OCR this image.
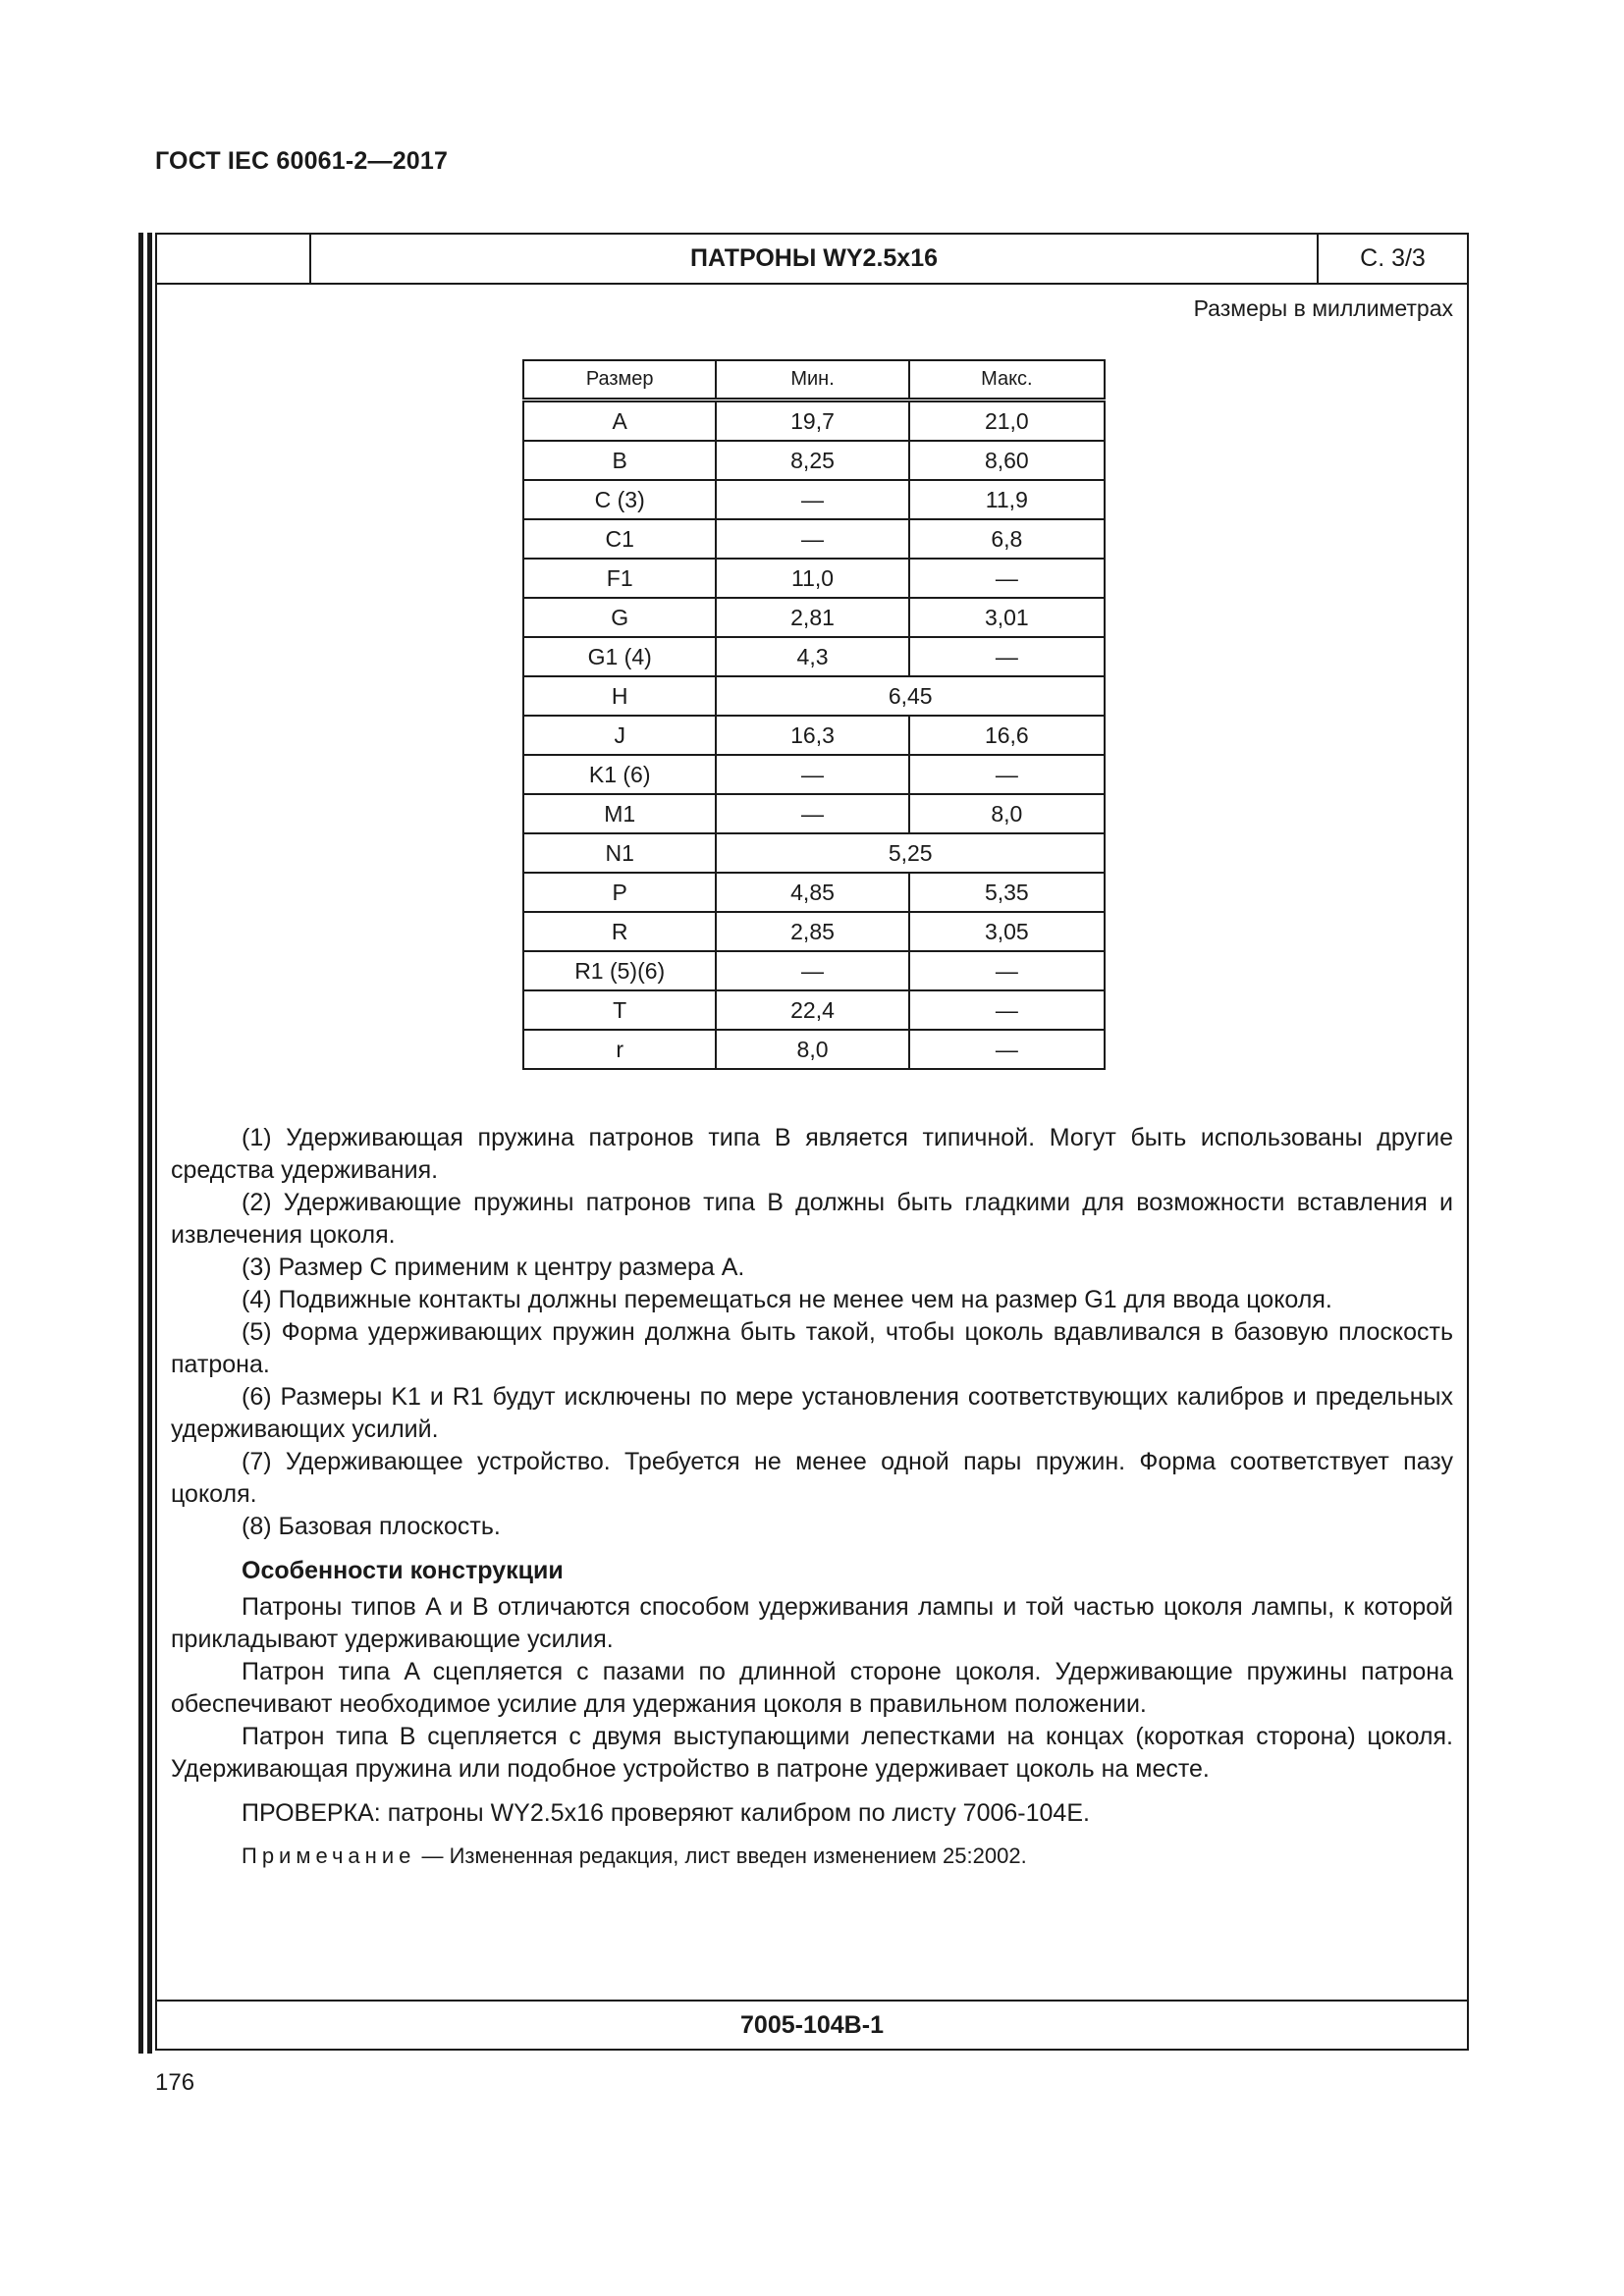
ГОСТ IEC 60061-2—2017
ПАТРОНЫ WY2.5x16	С. 3/3
Размеры в миллиметрах
Размер	Мин.	Макс.
A	19,7	21,0
B	8,25	8,60
C (3)	—	11,9
C1	—	6,8
F1	11,0	—
G	2,81	3,01
G1 (4)	4,3	—
H	6,45	
J	16,3	16,6
K1 (6)	—	—
M1	—	8,0
N1	5,25	
P	4,85	5,35
R	2,85	3,05
R1 (5)(6)	—	—
T	22,4	—
r	8,0	—

(1) Удерживающая пружина патронов типа B является типичной. Могут быть использованы другие средства удерживания.

(2) Удерживающие пружины патронов типа B должны быть гладкими для возможности вставления и извлечения цоколя.

(3) Размер C применим к центру размера A.

(4) Подвижные контакты должны перемещаться не менее чем на размер G1 для ввода цоколя.

(5) Форма удерживающих пружин должна быть такой, чтобы цоколь вдавливался в базовую плоскость патрона.

(6) Размеры K1 и R1 будут исключены по мере установления соответствующих калибров и предельных удерживающих усилий.

(7) Удерживающее устройство. Требуется не менее одной пары пружин. Форма соответствует пазу цоколя.

(8) Базовая плоскость.

Особенности конструкции

Патроны типов A и B отличаются способом удерживания лампы и той частью цоколя лампы, к которой прикладывают удерживающие усилия.

Патрон типа A сцепляется с пазами по длинной стороне цоколя. Удерживающие пружины патрона обеспечивают необходимое усилие для удержания цоколя в правильном положении.

Патрон типа B сцепляется с двумя выступающими лепестками на концах (короткая сторона) цоколя. Удерживающая пружина или подобное устройство в патроне удерживает цоколь на месте.

ПРОВЕРКА: патроны WY2.5x16 проверяют калибром по листу 7006-104E.

Примечание — Измененная редакция, лист введен изменением 25:2002.
7005-104В-1
176
